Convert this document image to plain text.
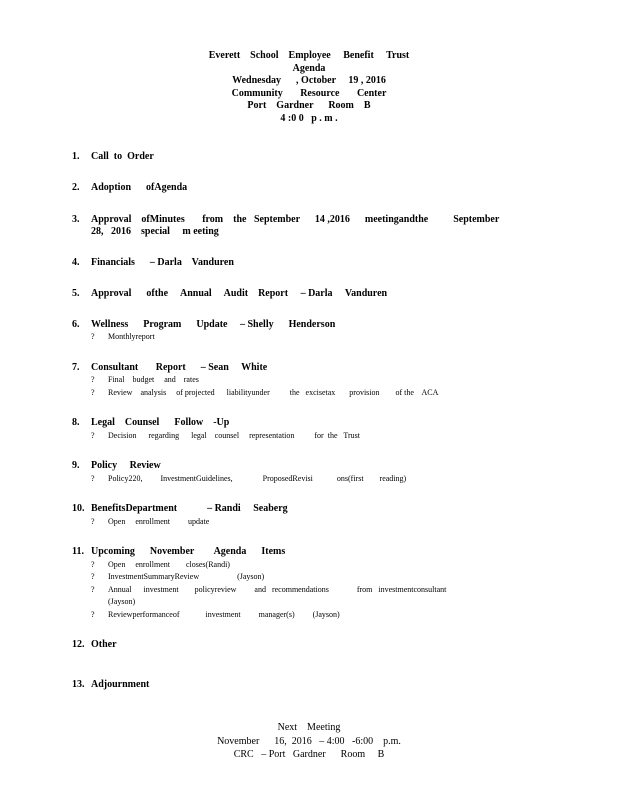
Everett    School    Employee     Benefit     Trust
Agenda
Wednesday      , October     19 , 2016
Community       Resource       Center
Port    Gardner      Room    B
4 :0 0   p . m .
1.	Call  to  Order
2.	Adoption      ofAgenda
3.	Approval    ofMinutes       from    the   September      14 ,2016      meetingandthe          September
28,   2016    special     m eeting
4.	Financials      – Darla    Vanduren
5.	Approval      ofthe     Annual     Audit    Report     – Darla     Vanduren
6.	Wellness      Program      Update     – Shelly      Henderson
? Monthlyreport
7.	Consultant       Report      – Sean     White
? Final    budget     and    rates
? Review    analysis     of projected      liabilityunder          the   excisetax       provision        of the    ACA
8.	Legal    Counsel      Follow    -Up
? Decision      regarding      legal    counsel     representation          for  the   Trust
9.	Policy     Review
? Policy220,         InvestmentGuidelines,               ProposedRevisi            ons(first        reading)
10. BenefitsDepartment            – Randi     Seaberg
? Open     enrollment         update
11. Upcoming      November        Agenda      Items
? Open     enrollment        closes(Randi)
? InvestmentSummaryReview                   (Jayson)
? Annual      investment        policyreview         and   recommendations              from   investmentconsultant
(Jayson)
? Reviewperformanceof             investment         manager(s)         (Jayson)
12. Other
13. Adjournment
Next    Meeting
November      16,  2016   – 4:00   -6:00    p.m.
CRC   – Port   Gardner      Room     B
